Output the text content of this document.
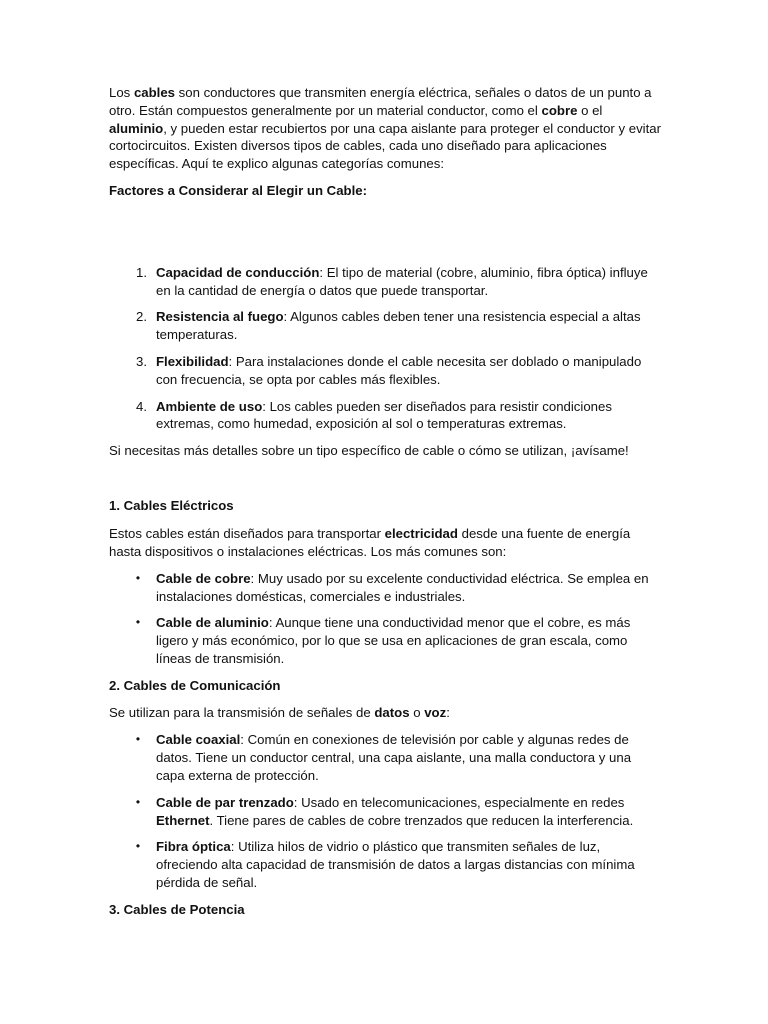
Los cables son conductores que transmiten energía eléctrica, señales o datos de un punto a otro. Están compuestos generalmente por un material conductor, como el cobre o el aluminio, y pueden estar recubiertos por una capa aislante para proteger el conductor y evitar cortocircuitos. Existen diversos tipos de cables, cada uno diseñado para aplicaciones específicas. Aquí te explico algunas categorías comunes:

Factores a Considerar al Elegir un Cable:

1. Capacidad de conducción: El tipo de material (cobre, aluminio, fibra óptica) influye en la cantidad de energía o datos que puede transportar.
2. Resistencia al fuego: Algunos cables deben tener una resistencia especial a altas temperaturas.
3. Flexibilidad: Para instalaciones donde el cable necesita ser doblado o manipulado con frecuencia, se opta por cables más flexibles.
4. Ambiente de uso: Los cables pueden ser diseñados para resistir condiciones extremas, como humedad, exposición al sol o temperaturas extremas.

Si necesitas más detalles sobre un tipo específico de cable o cómo se utilizan, ¡avísame!

1. Cables Eléctricos

Estos cables están diseñados para transportar electricidad desde una fuente de energía hasta dispositivos o instalaciones eléctricas. Los más comunes son:

• Cable de cobre: Muy usado por su excelente conductividad eléctrica. Se emplea en instalaciones domésticas, comerciales e industriales.
• Cable de aluminio: Aunque tiene una conductividad menor que el cobre, es más ligero y más económico, por lo que se usa en aplicaciones de gran escala, como líneas de transmisión.

2. Cables de Comunicación

Se utilizan para la transmisión de señales de datos o voz:

• Cable coaxial: Común en conexiones de televisión por cable y algunas redes de datos. Tiene un conductor central, una capa aislante, una malla conductora y una capa externa de protección.
• Cable de par trenzado: Usado en telecomunicaciones, especialmente en redes Ethernet. Tiene pares de cables de cobre trenzados que reducen la interferencia.
• Fibra óptica: Utiliza hilos de vidrio o plástico que transmiten señales de luz, ofreciendo alta capacidad de transmisión de datos a largas distancias con mínima pérdida de señal.

3. Cables de Potencia
